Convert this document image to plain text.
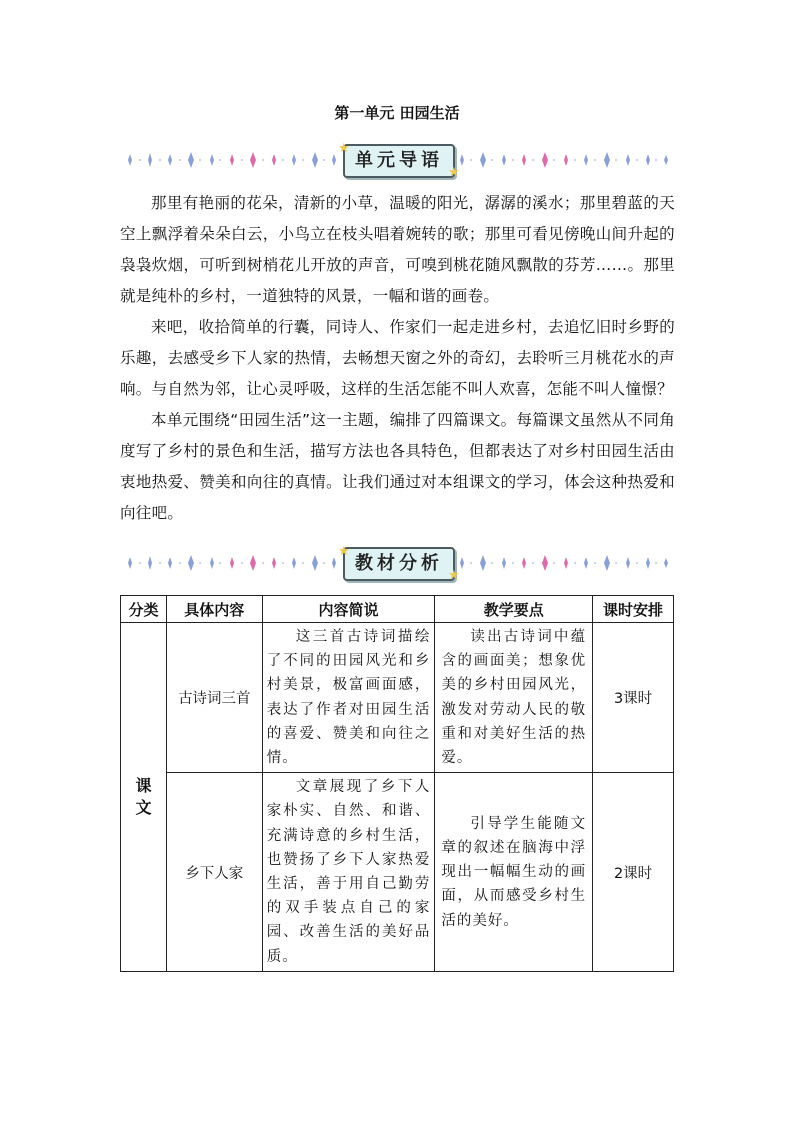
第一单元 田园生活
单元导语
★
★

那里有艳丽的花朵，清新的小草，温暖的阳光，潺潺的溪水；那里碧蓝的天空上飘浮着朵朵白云，小鸟立在枝头唱着婉转的歌；那里可看见傍晚山间升起的袅袅炊烟，可听到树梢花儿开放的声音，可嗅到桃花随风飘散的芬芳……。那里就是纯朴的乡村，一道独特的风景，一幅和谐的画卷。

来吧，收拾简单的行囊，同诗人、作家们一起走进乡村，去追忆旧时乡野的乐趣，去感受乡下人家的热情，去畅想天窗之外的奇幻，去聆听三月桃花水的声响。与自然为邻，让心灵呼吸，这样的生活怎能不叫人欢喜，怎能不叫人憧憬？

本单元围绕“田园生活”这一主题，编排了四篇课文。每篇课文虽然从不同角度写了乡村的景色和生活，描写方法也各具特色，但都表达了对乡村田园生活由衷地热爱、赞美和向往的真情。让我们通过对本组课文的学习，体会这种热爱和向往吧。

教材分析
★
★
分类	具体内容	内容简说	教学要点	课时安排
课文	古诗词三首	这三首古诗词描绘了不同的田园风光和乡村美景，极富画面感，表达了作者对田园生活的喜爱、赞美和向往之情。	读出古诗词中蕴含的画面美；想象优美的乡村田园风光，激发对劳动人民的敬重和对美好生活的热爱。	3课时
	乡下人家	文章展现了乡下人家朴实、自然、和谐、充满诗意的乡村生活，也赞扬了乡下人家热爱生活，善于用自己勤劳的双手装点自己的家园、改善生活的美好品质。	引导学生能随文章的叙述在脑海中浮现出一幅幅生动的画面，从而感受乡村生活的美好。	2课时
